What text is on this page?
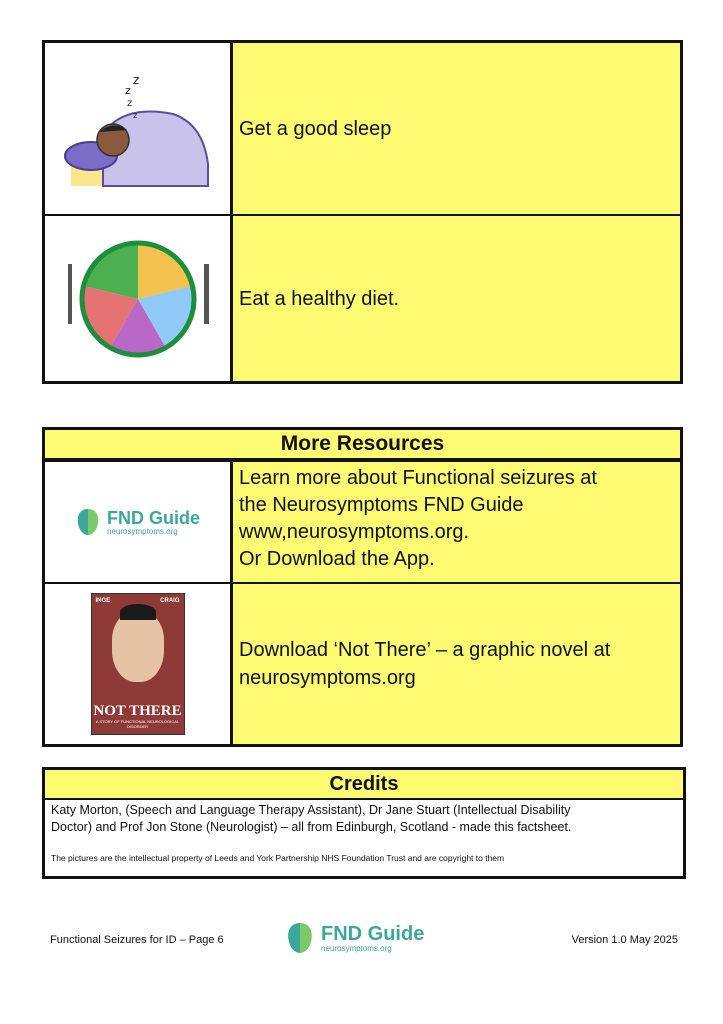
z
z
z
z
Get a good sleep
Eat a healthy diet.
More Resources
FND Guide
neurosymptoms.org
Learn more about Functional seizures at
the Neurosymptoms FND Guide
www,neurosymptoms.org.
Or Download the App.
INGE	CRAIG
NOT THERE
A STORY OF FUNCTIONAL NEUROLOGICAL DISORDER
Download ‘Not There’ – a graphic novel at
neurosymptoms.org
Credits
Katy Morton, (Speech and Language Therapy Assistant), Dr Jane Stuart (Intellectual Disability
Doctor) and Prof Jon Stone (Neurologist) – all from Edinburgh, Scotland - made this factsheet.
The pictures are the intellectual property of Leeds and York Partnership NHS Foundation Trust and are copyright to them
Functional Seizures for ID – Page 6	FND Guide
neurosymptoms.org
Version 1.0 May 2025
